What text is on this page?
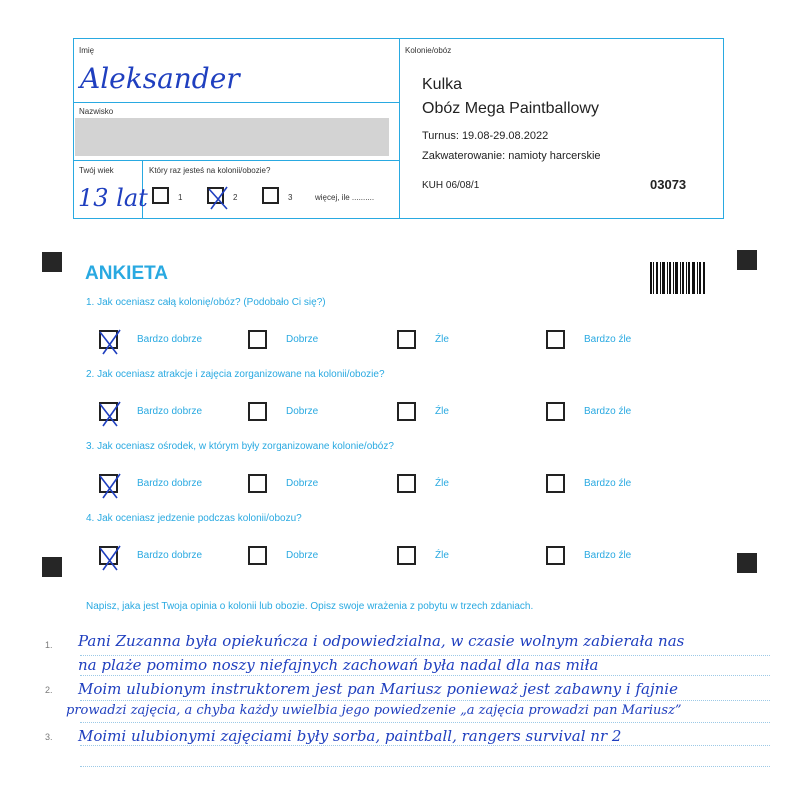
Imię
Aleksander
Nazwisko
Twój wiek
13 lat
Który raz jesteś na kolonii/obozie?
1	2	3	więcej, ile ..........
Kolonie/obóz
Kulka
Obóz Mega Paintballowy
Turnus: 19.08-29.08.2022
Zakwaterowanie: namioty harcerskie
KUH 06/08/1	03073
ANKIETA
1. Jak oceniasz całą kolonię/obóz? (Podobało Ci się?)
Bardzo dobrze	Dobrze	Źle	Bardzo źle
2. Jak oceniasz atrakcje i zajęcia zorganizowane na kolonii/obozie?
Bardzo dobrze	Dobrze	Źle	Bardzo źle
3. Jak oceniasz ośrodek, w którym były zorganizowane kolonie/obóz?
Bardzo dobrze	Dobrze	Źle	Bardzo źle
4. Jak oceniasz jedzenie podczas kolonii/obozu?
Bardzo dobrze	Dobrze	Źle	Bardzo źle
Napisz, jaka jest Twoja opinia o kolonii lub obozie. Opisz swoje wrażenia z pobytu w trzech zdaniach.
1.
2.
3.
Pani Zuzanna była opiekuńcza i odpowiedzialna, w czasie wolnym zabierała nas
na plaże pomimo noszy niefajnych zachowań była nadal dla nas miła
Moim ulubionym instruktorem jest pan Mariusz ponieważ jest zabawny i fajnie
prowadzi zajęcia, a chyba każdy uwielbia jego powiedzenie „a zajęcia prowadzi pan Mariusz”
Moimi ulubionymi zajęciami były sorba, paintball, rangers survival nr 2
